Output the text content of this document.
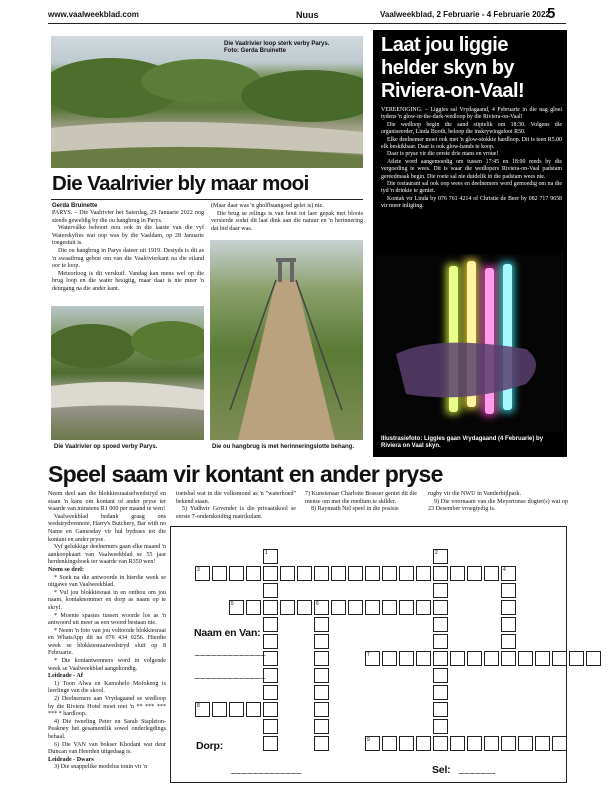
www.vaalweekblad.com	Nuus	Vaalweekblad, 2 Februarie - 4 Februarie 2022
5
Die Vaalrivier loop sterk verby Parys.
Foto: Gerda Bruinette
Die Vaalrivier bly maar mooi
Gerda Bruinette

PARYS. – Die Vaalrivier het Saterdag, 29 Januarie 2022 nog steeds geweldig by die ou hangbrug in Parys.

Waterválke behoort nou ook in die laaste van die vyf Waterskyfies wat oop was by die Vaaldam, op 28 Januarie toegestuit is.

Die ou hangbrug in Parys dateer uit 1919. Destyds is dit as 'n swaaibrug gebou om van die Vaalrivierkant na die eiland oor te loop.

Meteorloog is dit verskuif. Vandag kan mens wel op die brug loop en die water besigtig, maar daar is nie meer 'n deurgang na die ander kant.

(Maar daar was 'n gholfbaangoed gelei is) nie.

Die brug se relings is van hout tot laer gepak met bloots versierde sodat dit laat dink aan die natuur en 'n herinnering dat bid daar was.

Die Vaalrivier op spoed verby Parys.	Die ou hangbrug is met herinneringslotte behang.
Laat jou liggie helder skyn by Riviera-on-Vaal!

VEREENIGING. – Liggies sal Vrydagaand, 4 Februarie in die nag gloei tydens 'n glow-in-the-dark-wedloop by die Riviera-on-Vaal!

Die wedloop begin die aand stiptelik om 18:30. Volgens die organiseerder, Linda Booth, beloop die inskrywingsfooi R50.

Elke deelnemer moet ook met 'n glow-stokkie hardloop. Dit is teen R5.00 elk beskikbaar. Daar is ook glow-bands te koop.

Daar is pryse vir die eerste drie mans en vroue!

Atlete word aangemoedig om tussen 17:45 en 18:00 reeds by die vergoeding te wees. Dit is waar die wedlopers Riviera-on-Vaal padstam gereedmaak begin. Die roete sal nie duidelik in die padstam wees nie.

Die restaurant sal ook oop wees en deelnemers word gemoedig om na die tyd 'n drinkie te geniet.

Kontak vir Linda by 076 761 4214 of Christie de Beer by 082 717 9658 vir meer inligting.

Illustrasiefoto: Liggies gaan Vrydagaand (4 Februarie) by Riviera on Vaal skyn.
Speel saam vir kontant en ander pryse

Neem deel aan die blokkiesraaiselwedstryd en staan 'n kans om kontant of ander pryse ter waarde van minstens R1 000 per maand te wen!

Vaalweekblad bedank graag ons wedstrydvennote, Harry's Butchery, Bar with no Name en Gamesday vir hul bydraes tot die kontant en ander pryse.

Vyf gelukkige deelnemers gaan elke maand 'n aankoopkaart van Vaalweekblad se 55 jaar herdenkingsboek ter waarde van R350 wen!

Neem so deel:

* Soek na die antwoorde in hierdie week se uitgawe van Vaalweekblad.

* Vul jou blokkiesraai in en onthou om jou naam, kontaknommer en dorp as naam op te skryf.

* Moenie spasies tussen woorde los as 'n antwoord uit meer as een woord bestaan nie.

* Neem 'n foto van jou voltooide blokkiesraai en WhatsApp dit na 076 434 0256. Hierdie week se blokkiesraaiwedstryd sluit op 8 Februarie.

* Die kontantwenners word in volgende week se Vaalweekblad aangekondig.

Leidrade - Af

1) Toon Alwa en Kamohelo Mofokeng is leerlinge van die skool.

2) Deelnemers aan Vrydagaand se wedloop by die Riviera Hotel moet met 'n ** *** *** *** * hardloop.

4) Die tweeling Peter en Sarah Stapleton-Peakney het gesamentlik sowel onderlegdings behaal.

6) Die VAN van bokser Khodani wat deur Duncan van Heerden uitgedaag is.

Leidrade - Dwars

3) Die snappelike modelus tonin vir 'n

toetsbal wat in die volksmond as 'n "waterhoed" bekend staan.

5) Yudhvir Govender is die privaatskool se eerste 7-onderskeiding matrikulant.

7) Kunstenaar Charlotte Brasser geniet dit die mense om met die medium te skilder.

8) Rayneath Nel speel in die posisie

rugby vir die NWU in Vanderbijlpark.

9) Die voornaam van die Meyertonse dogter(s) wat op 23 Desember vroegtydig is.

1	2
3	4
5	6
7
8
9
Naam en Van:
..........................................................
..........................................................
Dorp:
..........................................................	Sel: ..............................
